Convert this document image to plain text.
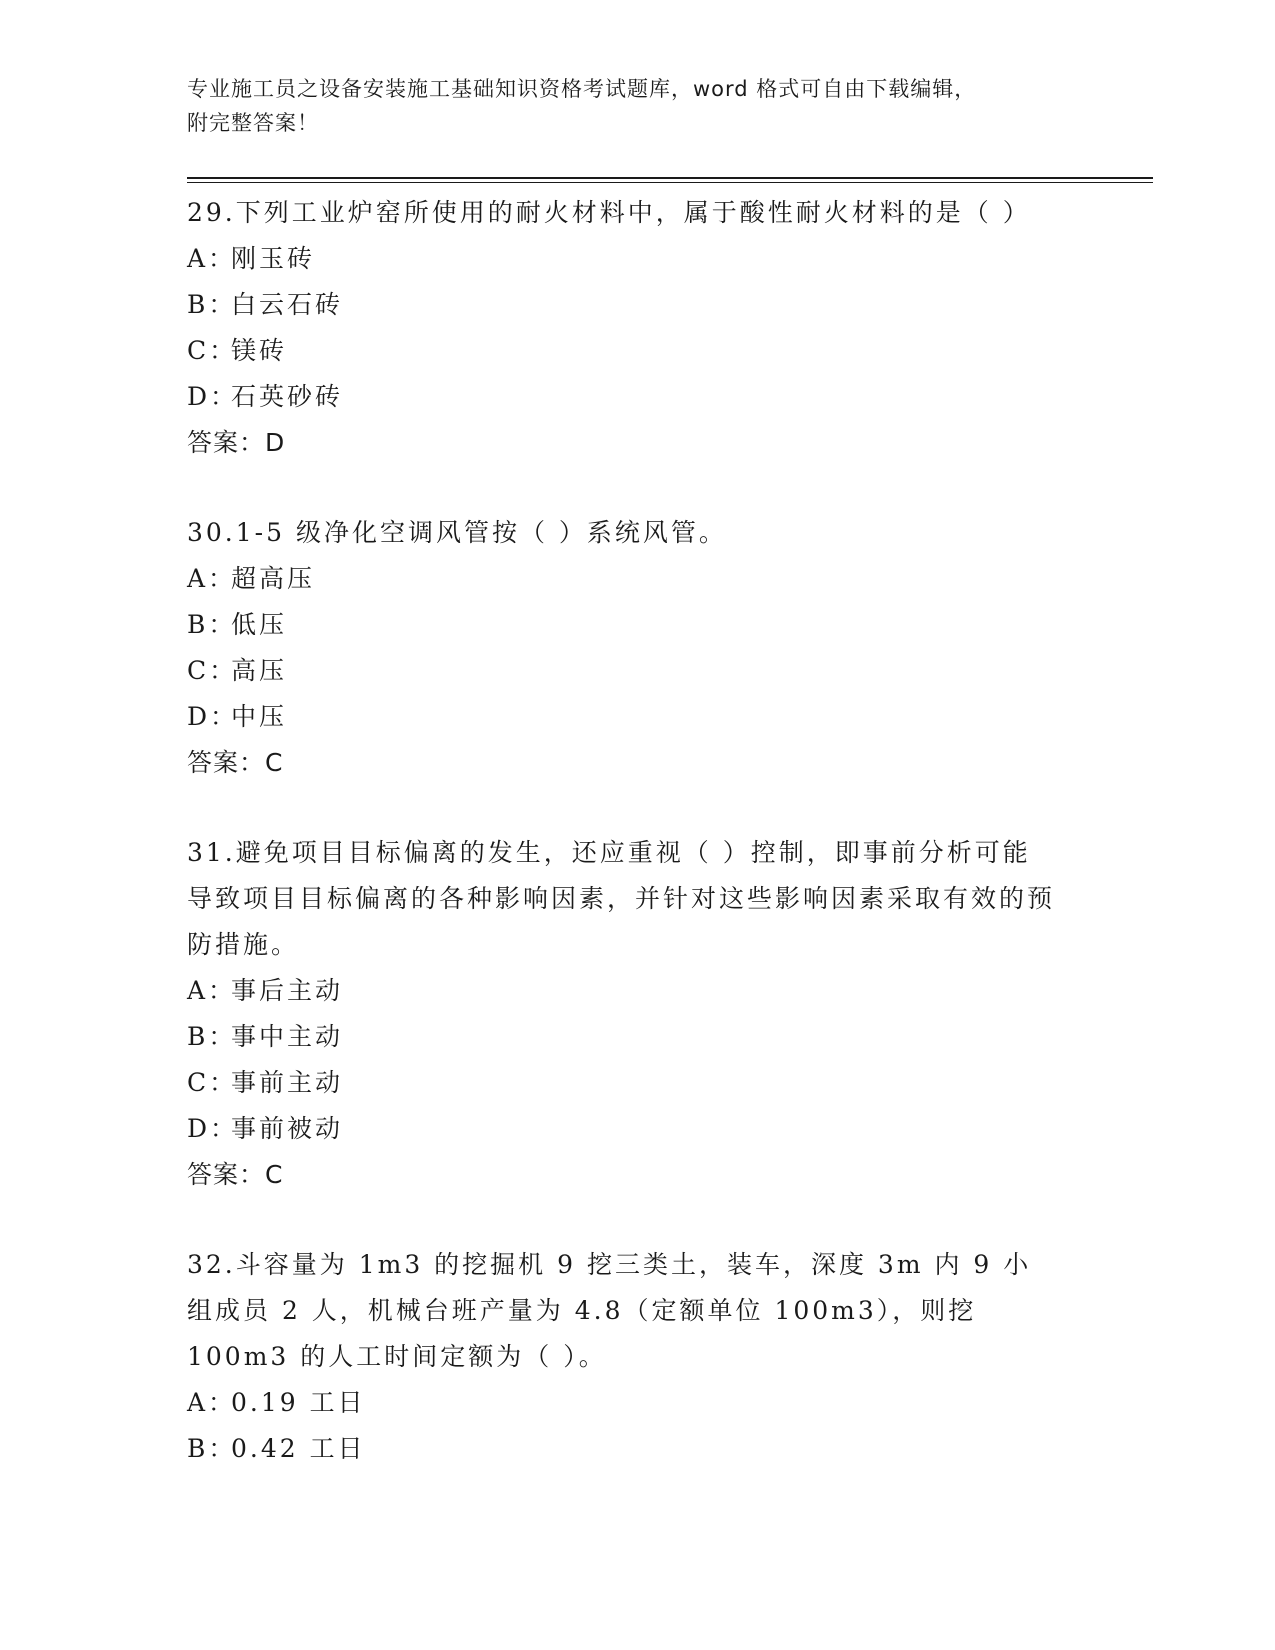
专业施工员之设备安装施工基础知识资格考试题库，word 格式可自由下载编辑，
附完整答案！
29.下列工业炉窑所使用的耐火材料中，属于酸性耐火材料的是（ ）
A：刚玉砖
B：白云石砖
C：镁砖
D：石英砂砖
答案：D
30.1-5 级净化空调风管按（ ）系统风管。
A：超高压
B：低压
C：高压
D：中压
答案：C
31.避免项目目标偏离的发生，还应重视（ ）控制，即事前分析可能导致项目目标偏离的各种影响因素，并针对这些影响因素采取有效的预防措施。
A：事后主动
B：事中主动
C：事前主动
D：事前被动
答案：C
32.斗容量为 1m3 的挖掘机 9 挖三类土，装车，深度 3m 内 9 小组成员 2 人，机械台班产量为 4.8（定额单位 100m3），则挖 100m3 的人工时间定额为（ ）。
A：0.19 工日
B：0.42 工日
